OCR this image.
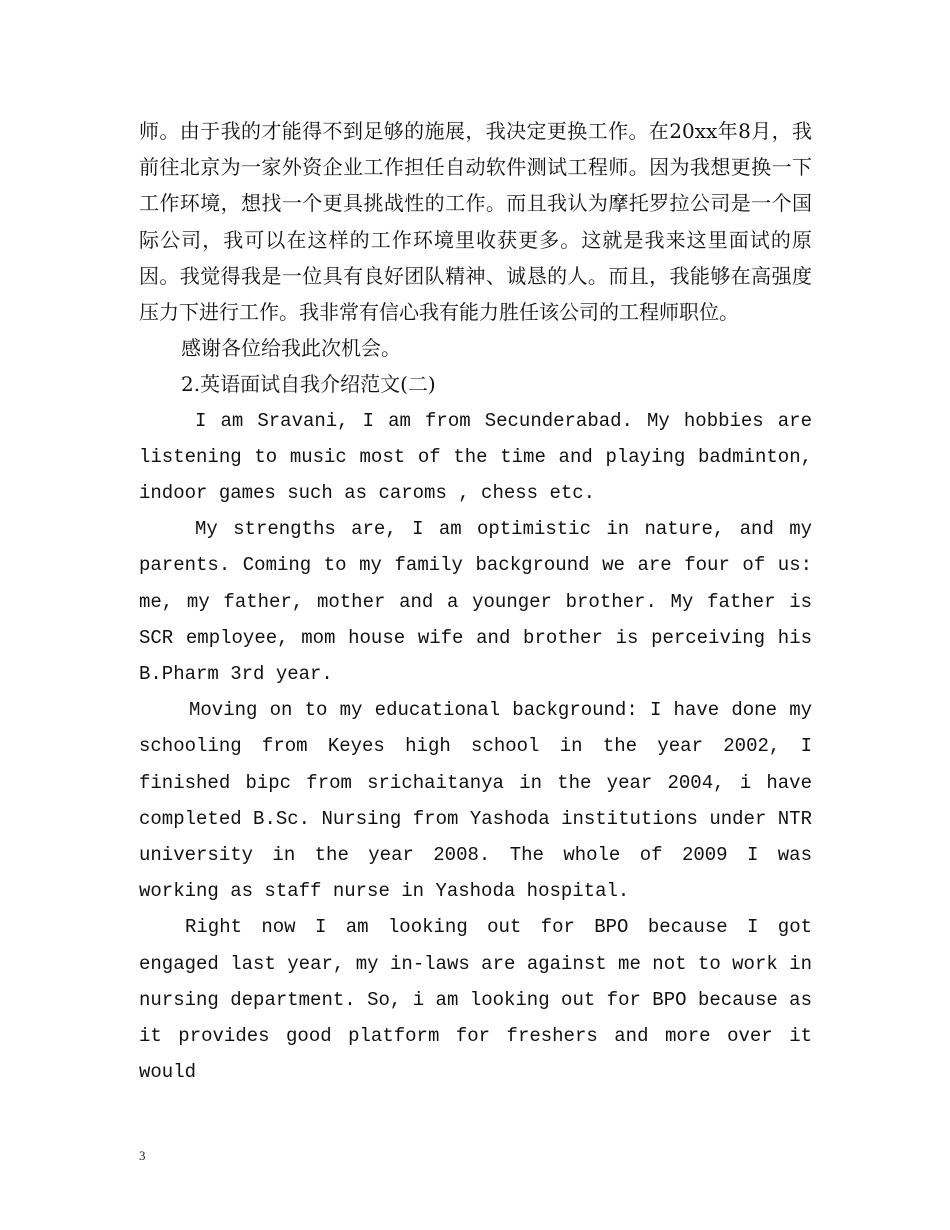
师。由于我的才能得不到足够的施展，我决定更换工作。在20xx年8月，我前往北京为一家外资企业工作担任自动软件测试工程师。因为我想更换一下工作环境，想找一个更具挑战性的工作。而且我认为摩托罗拉公司是一个国际公司，我可以在这样的工作环境里收获更多。这就是我来这里面试的原因。我觉得我是一位具有良好团队精神、诚恳的人。而且，我能够在高强度压力下进行工作。我非常有信心我有能力胜任该公司的工程师职位。

感谢各位给我此次机会。

2.英语面试自我介绍范文(二)

I am Sravani, I am from Secunderabad. My hobbies are listening to music most of the time and playing badminton, indoor games such as caroms , chess etc.

My strengths are, I am optimistic in nature, and my parents. Coming to my family background we are four of us: me, my father, mother and a younger brother. My father is SCR employee, mom house wife and brother is perceiving his B.Pharm 3rd year.

Moving on to my educational background: I have done my schooling from Keyes high school in the year 2002, I finished bipc from srichaitanya in the year 2004, i have completed B.Sc. Nursing from Yashoda institutions under NTR university in the year 2008. The whole of 2009 I was working as staff nurse in Yashoda hospital.

Right now I am looking out for BPO because I got engaged last year, my in-laws are against me not to work in nursing department. So, i am looking out for BPO because as it provides good platform for freshers and more over it would

3
